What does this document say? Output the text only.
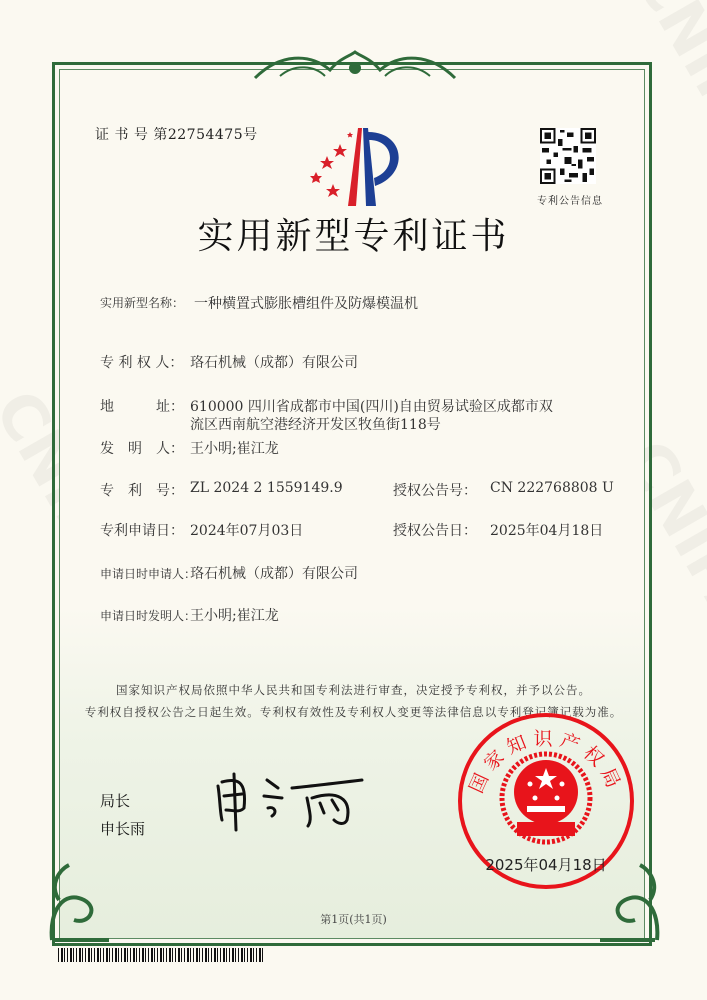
证 书 号 第22754475号
专利公告信息
实用新型专利证书
实用新型名称： 一种横置式膨胀槽组件及防爆模温机
专 利 权 人： 珞石机械（成都）有限公司
地　　　址： 610000 四川省成都市中国(四川)自由贸易试验区成都市双
流区西南航空港经济开发区牧鱼街118号
发　明　人： 王小明;崔江龙
专　利　号： ZL 2024 2 1559149.9	授权公告号： CN 222768808 U
专利申请日： 2024年07月03日	授权公告日： 2025年04月18日
申请日时申请人：
珞石机械（成都）有限公司
申请日时发明人：
王小明;崔江龙
国家知识产权局依照中华人民共和国专利法进行审查，决定授予专利权，并予以公告。
专利权自授权公告之日起生效。专利权有效性及专利权人变更等法律信息以专利登记簿记载为准。
局长
申长雨
国家知识产权局
2025年04月18日
第1页(共1页)
